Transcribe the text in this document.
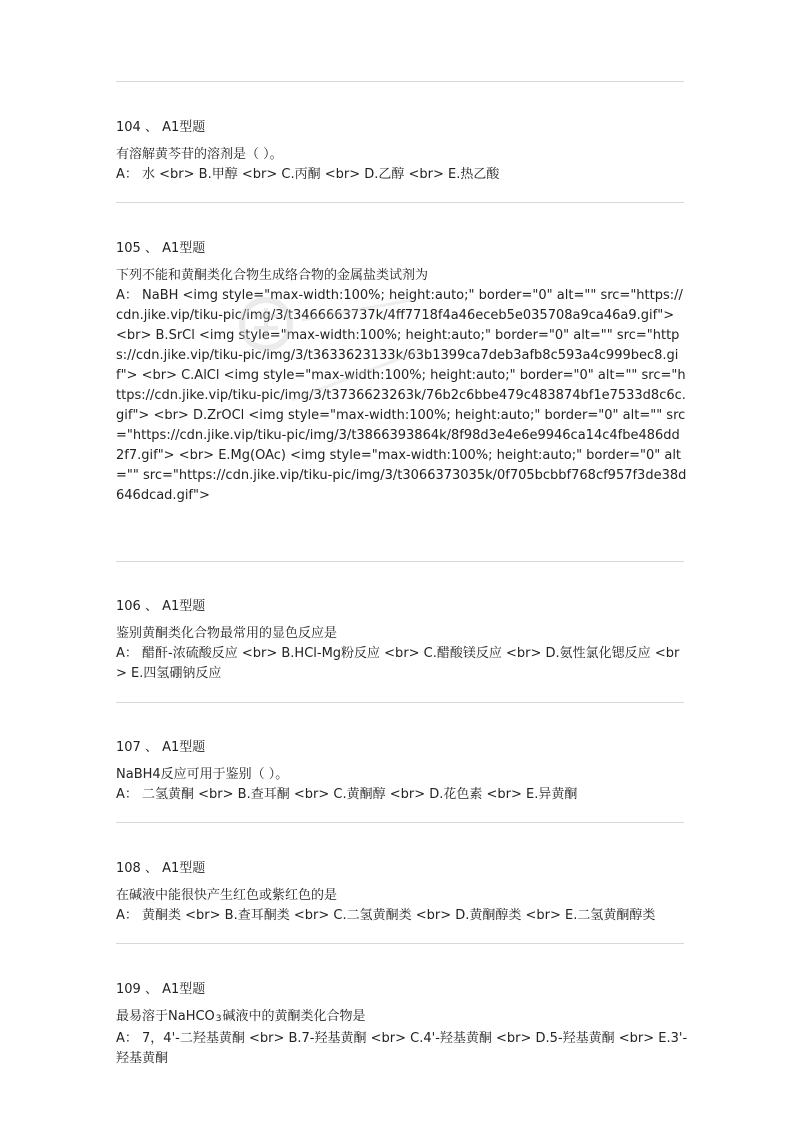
104 、 A1型题
有溶解黄芩苷的溶剂是（ ）。
A： 水 <br> B.甲醇 <br> C.丙酮 <br> D.乙醇 <br> E.热乙酸
105 、 A1型题
下列不能和黄酮类化合物生成络合物的金属盐类试剂为
A： NaBH <img style="max-width:100%; height:auto;" border="0" alt="" src="https://cdn.jike.vip/tiku-pic/img/3/t3466663737k/4ff7718f4a46eceb5e035708a9ca46a9.gif"> <br> B.SrCl <img style="max-width:100%; height:auto;" border="0" alt="" src="https://cdn.jike.vip/tiku-pic/img/3/t3633623133k/63b1399ca7deb3afb8c593a4c999bec8.gif"> <br> C.AlCl <img style="max-width:100%; height:auto;" border="0" alt="" src="https://cdn.jike.vip/tiku-pic/img/3/t3736623263k/76b2c6bbe479c483874bf1e7533d8c6c.gif"> <br> D.ZrOCl <img style="max-width:100%; height:auto;" border="0" alt="" src="https://cdn.jike.vip/tiku-pic/img/3/t3866393864k/8f98d3e4e6e9946ca14c4fbe486dd2f7.gif"> <br> E.Mg(OAc) <img style="max-width:100%; height:auto;" border="0" alt="" src="https://cdn.jike.vip/tiku-pic/img/3/t3066373035k/0f705bcbbf768cf957f3de38d646dcad.gif">
106 、 A1型题
鉴别黄酮类化合物最常用的显色反应是
A： 醋酐-浓硫酸反应 <br> B.HCl-Mg粉反应 <br> C.醋酸镁反应 <br> D.氨性氯化锶反应 <br> E.四氢硼钠反应
107 、 A1型题
NaBH4反应可用于鉴别（ ）。
A： 二氢黄酮 <br> B.查耳酮 <br> C.黄酮醇 <br> D.花色素 <br> E.异黄酮
108 、 A1型题
在碱液中能很快产生红色或紫红色的是
A： 黄酮类 <br> B.查耳酮类 <br> C.二氢黄酮类 <br> D.黄酮醇类 <br> E.二氢黄酮醇类
109 、 A1型题
最易溶于NaHCO3碱液中的黄酮类化合物是
A： 7，4'-二羟基黄酮 <br> B.7-羟基黄酮 <br> C.4'-羟基黄酮 <br> D.5-羟基黄酮 <br> E.3'-羟基黄酮
